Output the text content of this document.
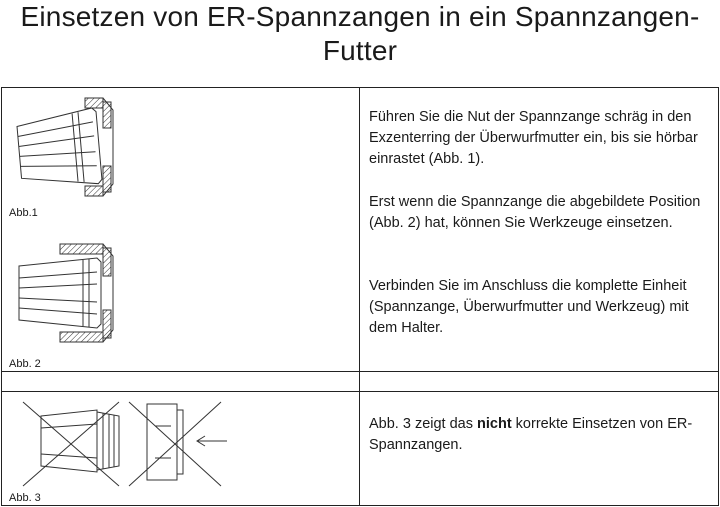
Einsetzen von ER-Spannzangen in ein Spannzangen-Futter
Abb.1
Abb. 2
Abb. 3

Führen Sie die Nut der Spannzange schräg in den Exzenterring der Überwurfmutter ein, bis sie hörbar einrastet (Abb. 1).

Erst wenn die Spannzange die abgebildete Position (Abb. 2) hat, können Sie Werkzeuge einsetzen.

Verbinden Sie im Anschluss die komplette Einheit (Spannzange, Überwurfmutter und Werkzeug) mit dem Halter.

Abb. 3 zeigt das nicht korrekte Einsetzen von ER-Spannzangen.
